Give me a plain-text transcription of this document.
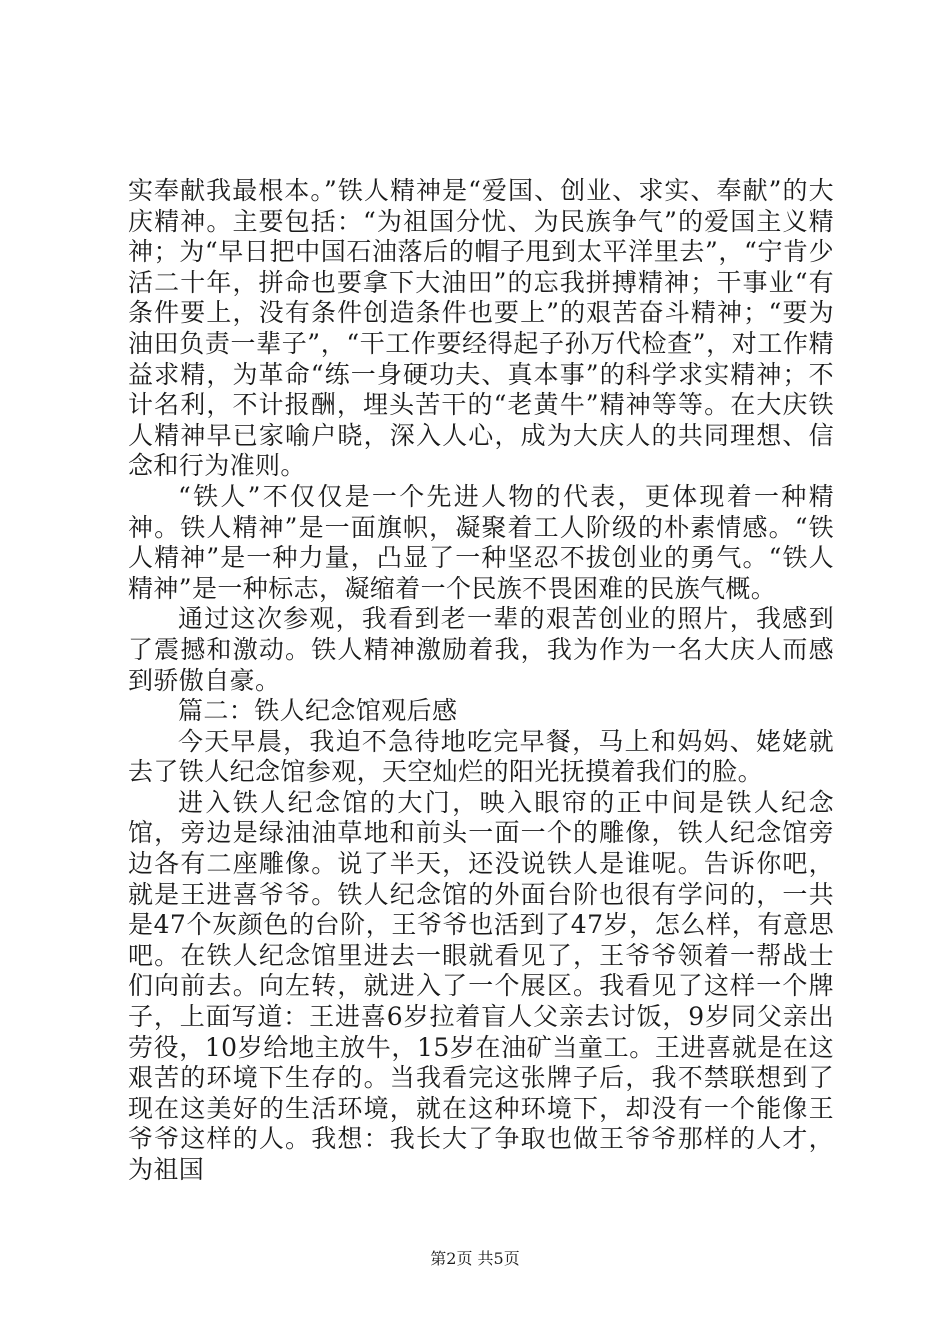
实奉献我最根本。”铁人精神是“爱国、创业、求实、奉献”的大庆精神。主要包括：“为祖国分忧、为民族争气”的爱国主义精神；为“早日把中国石油落后的帽子甩到太平洋里去”，“宁肯少活二十年，拼命也要拿下大油田”的忘我拼搏精神；干事业“有条件要上，没有条件创造条件也要上”的艰苦奋斗精神；“要为油田负责一辈子”，“干工作要经得起子孙万代检查”，对工作精益求精，为革命“练一身硬功夫、真本事”的科学求实精神；不计名利，不计报酬，埋头苦干的“老黄牛”精神等等。在大庆铁人精神早已家喻户晓，深入人心，成为大庆人的共同理想、信念和行为准则。

“铁人”不仅仅是一个先进人物的代表，更体现着一种精神。铁人精神”是一面旗帜，凝聚着工人阶级的朴素情感。“铁人精神”是一种力量，凸显了一种坚忍不拔创业的勇气。“铁人精神”是一种标志，凝缩着一个民族不畏困难的民族气概。

通过这次参观，我看到老一辈的艰苦创业的照片，我感到了震撼和激动。铁人精神激励着我，我为作为一名大庆人而感到骄傲自豪。

篇二：铁人纪念馆观后感

今天早晨，我迫不急待地吃完早餐，马上和妈妈、姥姥就去了铁人纪念馆参观，天空灿烂的阳光抚摸着我们的脸。

进入铁人纪念馆的大门，映入眼帘的正中间是铁人纪念馆，旁边是绿油油草地和前头一面一个的雕像，铁人纪念馆旁边各有二座雕像。说了半天，还没说铁人是谁呢。告诉你吧，就是王进喜爷爷。铁人纪念馆的外面台阶也很有学问的，一共是47个灰颜色的台阶，王爷爷也活到了47岁，怎么样，有意思吧。在铁人纪念馆里进去一眼就看见了，王爷爷领着一帮战士们向前去。向左转，就进入了一个展区。我看见了这样一个牌子，上面写道：王进喜6岁拉着盲人父亲去讨饭，9岁同父亲出劳役，10岁给地主放牛，15岁在油矿当童工。王进喜就是在这艰苦的环境下生存的。当我看完这张牌子后，我不禁联想到了现在这美好的生活环境，就在这种环境下，却没有一个能像王爷爷这样的人。我想：我长大了争取也做王爷爷那样的人才，为祖国

第2页 共5页
